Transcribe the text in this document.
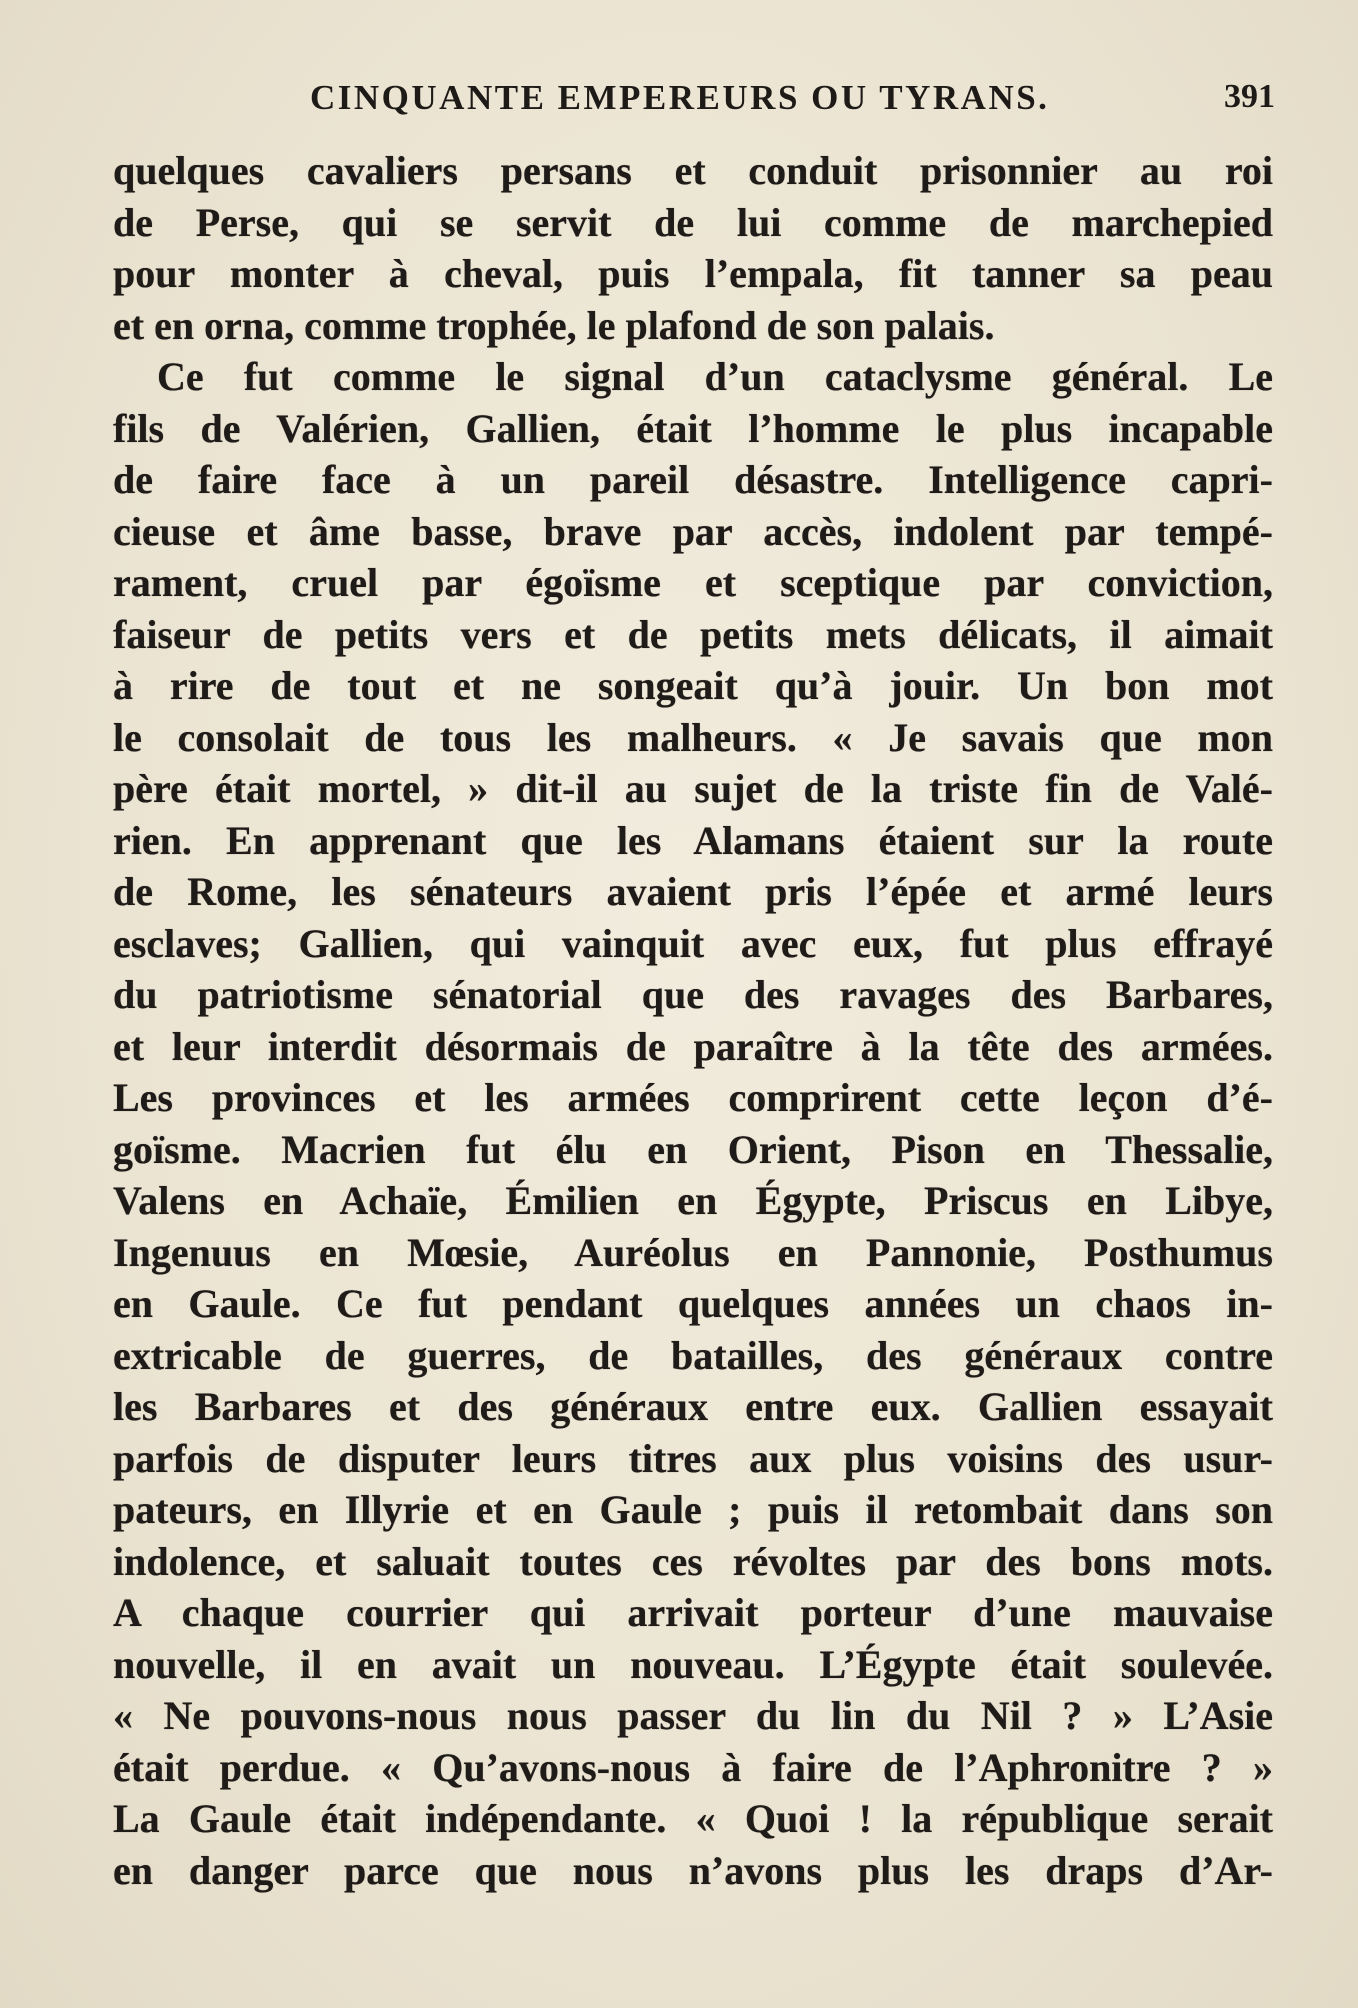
CINQUANTE EMPEREURS OU TYRANS.	391
quelques cavaliers persans et conduit prisonnier au roi
de Perse, qui se servit de lui comme de marchepied
pour monter à cheval, puis l’empala, fit tanner sa peau
et en orna, comme trophée, le plafond de son palais.
Ce fut comme le signal d’un cataclysme général. Le
fils de Valérien, Gallien, était l’homme le plus incapable
de faire face à un pareil désastre. Intelligence capri-
cieuse et âme basse, brave par accès, indolent par tempé-
rament, cruel par égoïsme et sceptique par conviction,
faiseur de petits vers et de petits mets délicats, il aimait
à rire de tout et ne songeait qu’à jouir. Un bon mot
le consolait de tous les malheurs. « Je savais que mon
père était mortel, » dit-il au sujet de la triste fin de Valé-
rien. En apprenant que les Alamans étaient sur la route
de Rome, les sénateurs avaient pris l’épée et armé leurs
esclaves; Gallien, qui vainquit avec eux, fut plus effrayé
du patriotisme sénatorial que des ravages des Barbares,
et leur interdit désormais de paraître à la tête des armées.
Les provinces et les armées comprirent cette leçon d’é-
goïsme. Macrien fut élu en Orient, Pison en Thessalie,
Valens en Achaïe, Émilien en Égypte, Priscus en Libye,
Ingenuus en Mœsie, Auréolus en Pannonie, Posthumus
en Gaule. Ce fut pendant quelques années un chaos in-
extricable de guerres, de batailles, des généraux contre
les Barbares et des généraux entre eux. Gallien essayait
parfois de disputer leurs titres aux plus voisins des usur-
pateurs, en Illyrie et en Gaule ; puis il retombait dans son
indolence, et saluait toutes ces révoltes par des bons mots.
A chaque courrier qui arrivait porteur d’une mauvaise
nouvelle, il en avait un nouveau. L’Égypte était soulevée.
« Ne pouvons-nous nous passer du lin du Nil ? » L’Asie
était perdue. « Qu’avons-nous à faire de l’Aphronitre ? »
La Gaule était indépendante. « Quoi ! la république serait
en danger parce que nous n’avons plus les draps d’Ar-
